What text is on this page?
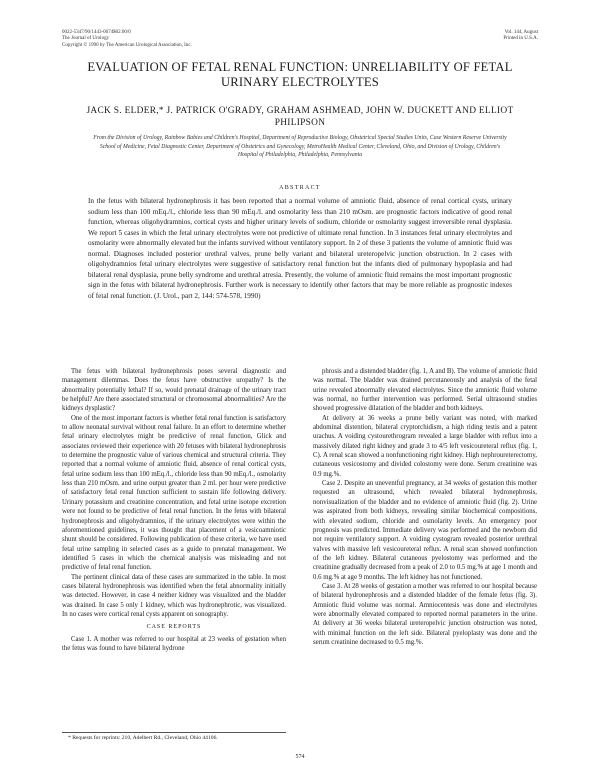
0022-5347/90/1443-0674$02.00/0
The Journal of Urology
Copyright © 1990 by The American Urological Association, Inc.
Vol. 144, August
Printed in U.S.A.
EVALUATION OF FETAL RENAL FUNCTION: UNRELIABILITY OF FETAL URINARY ELECTROLYTES
JACK S. ELDER,* J. PATRICK O'GRADY, GRAHAM ASHMEAD, JOHN W. DUCKETT AND ELLIOT PHILIPSON
From the Division of Urology, Rainbow Babies and Children's Hospital, Department of Reproductive Biology, Obstetrical Special Studies Units, Case Western Reserve University School of Medicine, Fetal Diagnostic Center, Department of Obstetrics and Gynecology, MetroHealth Medical Center, Cleveland, Ohio, and Division of Urology, Children's Hospital of Philadelphia, Philadelphia, Pennsylvania
ABSTRACT
In the fetus with bilateral hydronephrosis it has been reported that a normal volume of amniotic fluid, absence of renal cortical cysts, urinary sodium less than 100 mEq./l., chloride less than 90 mEq./l. and osmolarity less than 210 mOsm. are prognostic factors indicative of good renal function, whereas oligohydramnios, cortical cysts and higher urinary levels of sodium, chloride or osmolarity suggest irreversible renal dysplasia. We report 5 cases in which the fetal urinary electrolytes were not predictive of ultimate renal function. In 3 instances fetal urinary electrolytes and osmolarity were abnormally elevated but the infants survived without ventilatory support. In 2 of these 3 patients the volume of amniotic fluid was normal. Diagnoses included posterior urethral valves, prune belly variant and bilateral ureteropelvic junction obstruction. In 2 cases with oligohydramnios fetal urinary electrolytes were suggestive of satisfactory renal function but the infants died of pulmonary hypoplasia and had bilateral renal dysplasia, prune belly syndrome and urethral atresia. Presently, the volume of amniotic fluid remains the most important prognostic sign in the fetus with bilateral hydronephrosis. Further work is necessary to identify other factors that may be more reliable as prognostic indexes of fetal renal function. (J. Urol., part 2, 144: 574-578, 1990)

The fetus with bilateral hydronephrosis poses several diagnostic and management dilemmas. Does the fetus have obstructive uropathy? Is the abnormality potentially lethal? If so, would prenatal drainage of the urinary tract be helpful? Are there associated structural or chromosomal abnormalities? Are the kidneys dysplastic?

One of the most important factors is whether fetal renal function is satisfactory to allow neonatal survival without renal failure. In an effort to determine whether fetal urinary electrolytes might be predictive of renal function, Glick and associates reviewed their experience with 20 fetuses with bilateral hydronephrosis to determine the prognostic value of various chemical and structural criteria. They reported that a normal volume of amniotic fluid, absence of renal cortical cysts, fetal urine sodium less than 100 mEq./l., chloride less than 90 mEq./l., osmolarity less than 210 mOsm. and urine output greater than 2 ml. per hour were predictive of satisfactory fetal renal function sufficient to sustain life following delivery. Urinary potassium and creatinine concentration, and fetal urine isotope excretion were not found to be predictive of fetal renal function. In the fetus with bilateral hydronephrosis and oligohydramnios, if the urinary electrolytes were within the aforementioned guidelines, it was thought that placement of a vesicoamniotic shunt should be considered. Following publication of these criteria, we have used fetal urine sampling in selected cases as a guide to prenatal management. We identified 5 cases in which the chemical analysis was misleading and not predictive of fetal renal function.

The pertinent clinical data of these cases are summarized in the table. In most cases bilateral hydronephrosis was identified when the fetal abnormality initially was detected. However, in case 4 neither kidney was visualized and the bladder was drained. In case 5 only 1 kidney, which was hydronephrotic, was visualized. In no cases were cortical renal cysts apparent on sonography.

CASE REPORTS

Case 1. A mother was referred to our hospital at 23 weeks of gestation when the fetus was found to have bilateral hydrone

phrosis and a distended bladder (fig. 1, A and B). The volume of amniotic fluid was normal. The bladder was drained percutaneously and analysis of the fetal urine revealed abnormally elevated electrolytes. Since the amniotic fluid volume was normal, no further intervention was performed. Serial ultrasound studies showed progressive dilatation of the bladder and both kidneys.

At delivery at 36 weeks a prune belly variant was noted, with marked abdominal distention, bilateral cryptorchidism, a high riding testis and a patent urachus. A voiding cystourethrogram revealed a large bladder with reflux into a massively dilated right kidney and grade 3 to 4/5 left vesicoureteral reflux (fig. 1, C). A renal scan showed a nonfunctioning right kidney. High nephroureterectomy, cutaneous vesicostomy and divided colostomy were done. Serum creatinine was 0.9 mg.%.

Case 2. Despite an uneventful pregnancy, at 34 weeks of gestation this mother requested an ultrasound, which revealed bilateral hydronephrosis, nonvisualization of the bladder and no evidence of amniotic fluid (fig. 2). Urine was aspirated from both kidneys, revealing similar biochemical compositions, with elevated sodium, chloride and osmolarity levels. An emergency poor prognosis was predicted. Immediate delivery was performed and the newborn did not require ventilatory support. A voiding cystogram revealed posterior urethral valves with massive left vesicoureteral reflux. A renal scan showed nonfunction of the left kidney. Bilateral cutaneous pyelostomy was performed and the creatinine gradually decreased from a peak of 2.0 to 0.5 mg.% at age 1 month and 0.6 mg.% at age 9 months. The left kidney has not functioned.

Case 3. At 28 weeks of gestation a mother was referred to our hospital because of bilateral hydronephrosis and a distended bladder of the female fetus (fig. 3). Amniotic fluid volume was normal. Amniocentesis was done and electrolytes were abnormally elevated compared to reported normal parameters in the urine. At delivery at 36 weeks bilateral ureteropelvic junction obstruction was noted, with minimal function on the left side. Bilateral pyeloplasty was done and the serum creatinine decreased to 0.5 mg.%.

* Requests for reprints: 210, Adelbert Rd., Cleveland, Ohio 44106.
574
